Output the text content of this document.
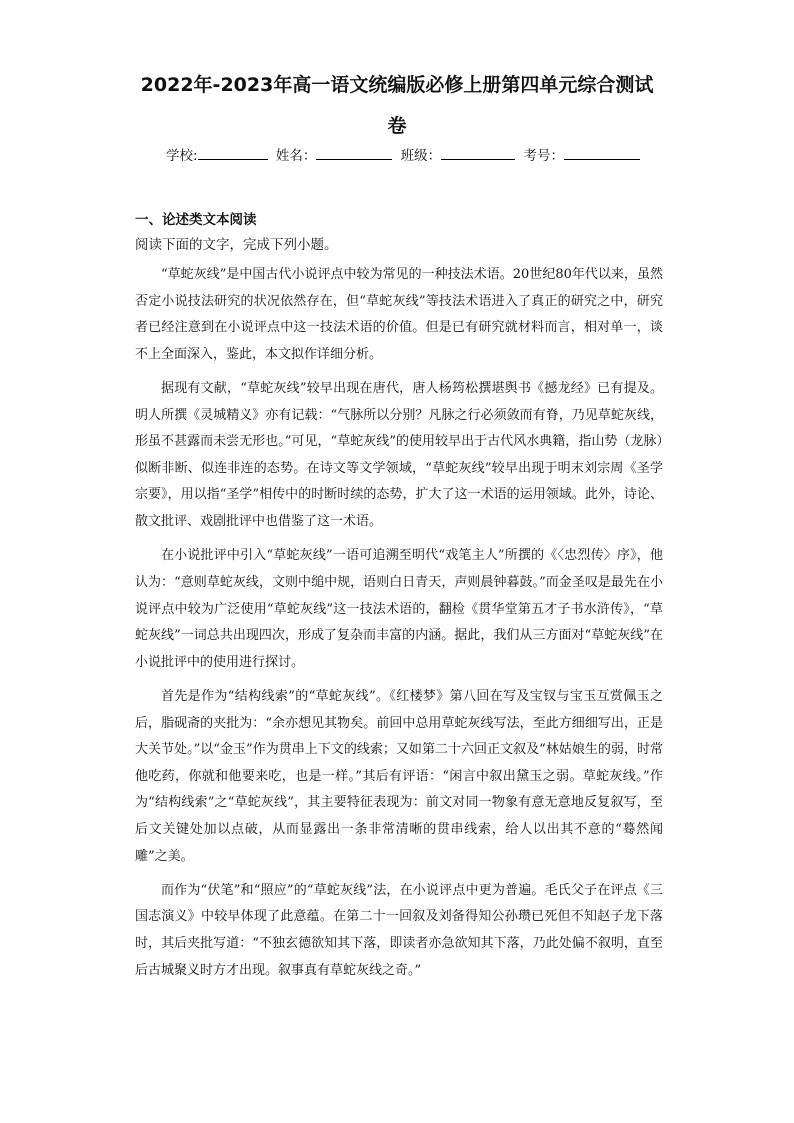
2022年-2023年高一语文统编版必修上册第四单元综合测试
卷
学校:	姓名：	班级：	考号：
一、论述类文本阅读
阅读下面的文字，完成下列小题。

“草蛇灰线”是中国古代小说评点中较为常见的一种技法术语。20世纪80年代以来，虽然否定小说技法研究的状况依然存在，但“草蛇灰线”等技法术语进入了真正的研究之中，研究者已经注意到在小说评点中这一技法术语的价值。但是已有研究就材料而言，相对单一，谈不上全面深入，鉴此，本文拟作详细分析。

据现有文献，“草蛇灰线”较早出现在唐代，唐人杨筠松撰堪舆书《撼龙经》已有提及。明人所撰《灵城精义》亦有记载：“气脉所以分别？凡脉之行必须敛而有脊，乃见草蛇灰线，形虽不甚露而未尝无形也。”可见，“草蛇灰线”的使用较早出于古代风水典籍，指山势（龙脉）似断非断、似连非连的态势。在诗文等文学领域，“草蛇灰线”较早出现于明末刘宗周《圣学宗要》，用以指“圣学”相传中的时断时续的态势，扩大了这一术语的运用领域。此外，诗论、散文批评、戏剧批评中也借鉴了这一术语。

在小说批评中引入“草蛇灰线”一语可追溯至明代“戏笔主人”所撰的《〈忠烈传〉序》，他认为：“意则草蛇灰线，文则中缒中规，语则白日青天，声则晨钟暮鼓。”而金圣叹是最先在小说评点中较为广泛使用“草蛇灰线”这一技法术语的，翻检《贯华堂第五才子书水浒传》，“草蛇灰线”一词总共出现四次，形成了复杂而丰富的内涵。据此，我们从三方面对“草蛇灰线”在小说批评中的使用进行探讨。

首先是作为“结构线索”的“草蛇灰线”。《红楼梦》第八回在写及宝钗与宝玉互赏佩玉之后，脂砚斋的夹批为：“余亦想见其物矣。前回中总用草蛇灰线写法，至此方细细写出，正是大关节处。”以“金玉”作为贯串上下文的线索；又如第二十六回正文叙及“林姑娘生的弱，时常他吃药，你就和他要来吃，也是一样。”其后有评语：“闲言中叙出黛玉之弱。草蛇灰线。”作为“结构线索”之“草蛇灰线”，其主要特征表现为：前文对同一物象有意无意地反复叙写，至后文关键处加以点破，从而显露出一条非常清晰的贯串线索，给人以出其不意的“蓦然闻雕”之美。

而作为“伏笔”和“照应”的“草蛇灰线”法，在小说评点中更为普遍。毛氏父子在评点《三国志演义》中较早体现了此意蕴。在第二十一回叙及刘备得知公孙瓒已死但不知赵子龙下落时，其后夹批写道：“不独玄德欲知其下落，即读者亦急欲知其下落，乃此处偏不叙明，直至后古城聚义时方才出现。叙事真有草蛇灰线之奇。”
